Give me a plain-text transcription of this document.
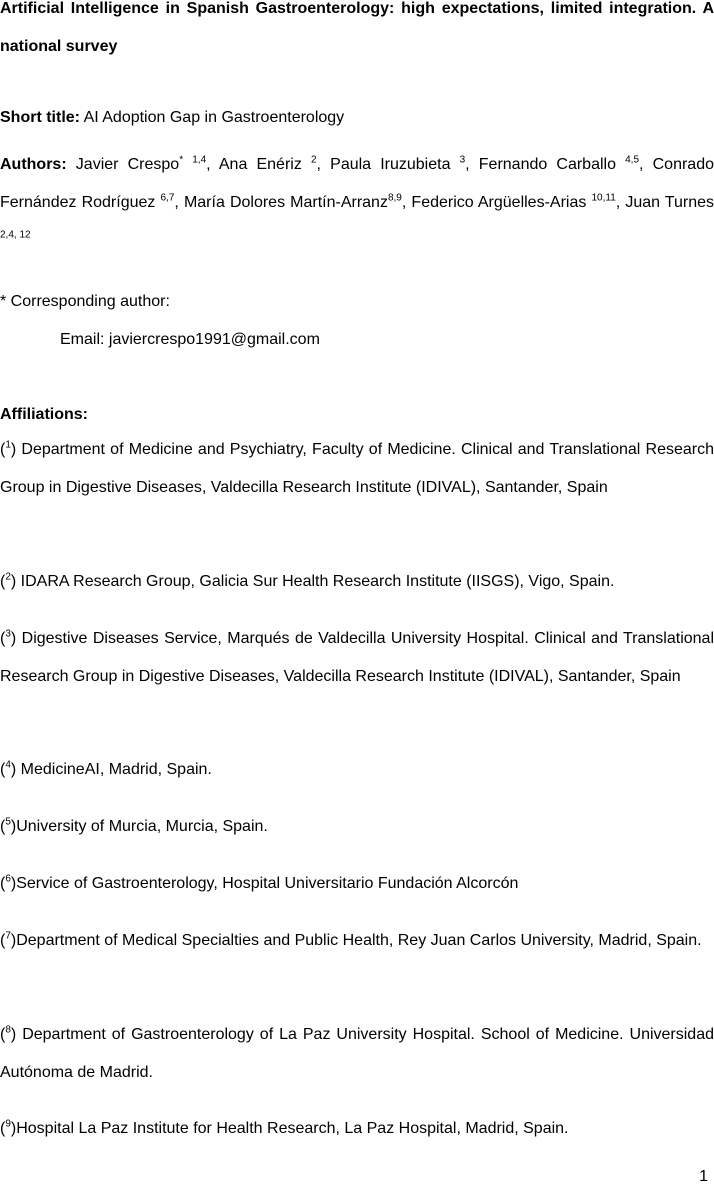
Artificial Intelligence in Spanish Gastroenterology: high expectations, limited integration. A national survey

Short title: AI Adoption Gap in Gastroenterology

Authors: Javier Crespo* $^{1,4}$, Ana Enériz $^2$, Paula Iruzubieta $^3$, Fernando Carballo $^{4,5}$, Conrado Fernández Rodríguez $^{6,7}$, María Dolores Martín-Arranz$^{8,9}$, Federico Argüelles-Arias $^{10,11}$, Juan Turnes $^{2,4, 12}$

* Corresponding author:

Email: javiercrespo1991@gmail.com

Affiliations:

($^1$) Department of Medicine and Psychiatry, Faculty of Medicine. Clinical and Translational Research Group in Digestive Diseases, Valdecilla Research Institute (IDIVAL), Santander, Spain

($^2$) IDARA Research Group, Galicia Sur Health Research Institute (IISGS), Vigo, Spain.

($^3$) Digestive Diseases Service, Marqués de Valdecilla University Hospital. Clinical and Translational Research Group in Digestive Diseases, Valdecilla Research Institute (IDIVAL), Santander, Spain

($^4$) MedicineAI, Madrid, Spain.

($^5$)University of Murcia, Murcia, Spain.

($^6$)Service of Gastroenterology, Hospital Universitario Fundación Alcorcón

($^7$)Department of Medical Specialties and Public Health, Rey Juan Carlos University, Madrid, Spain.

($^8$) Department of Gastroenterology of La Paz University Hospital. School of Medicine. Universidad Autónoma de Madrid.

($^9$)Hospital La Paz Institute for Health Research, La Paz Hospital, Madrid, Spain.

1
